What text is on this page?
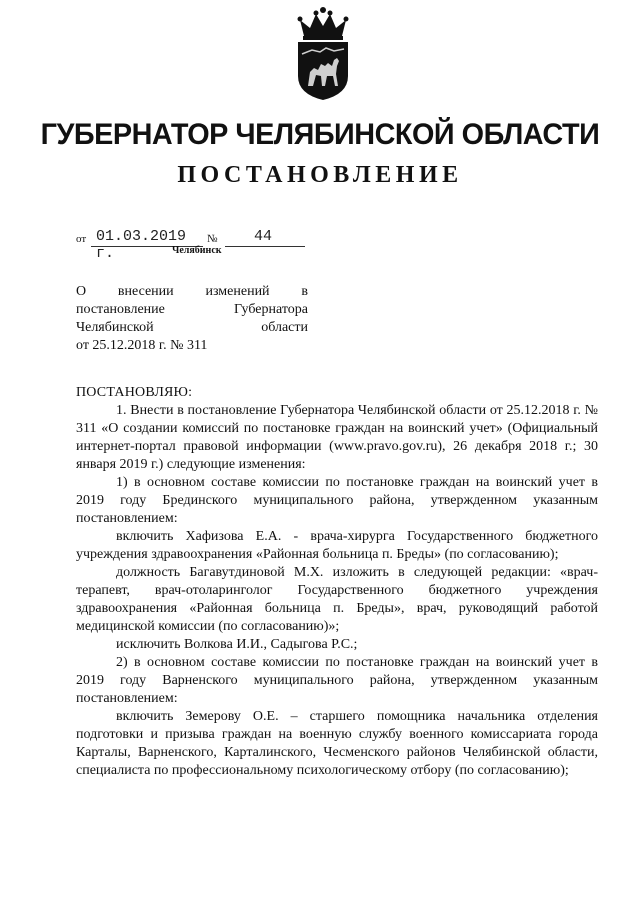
ГУБЕРНАТОР ЧЕЛЯБИНСКОЙ ОБЛАСТИ
ПОСТАНОВЛЕНИЕ
от 01.03.2019 г.
№ 44
Челябинск
О внесении изменений в
постановление	Губернатора
Челябинской	области
от 25.12.2018 г. № 311
ПОСТАНОВЛЯЮ:
1. Внести в постановление Губернатора Челябинской области от 25.12.2018 г. № 311 «О создании комиссий по постановке граждан на воинский учет» (Официальный интернет-портал правовой информации (www.pravo.gov.ru), 26 декабря 2018 г.; 30 января 2019 г.) следующие изменения:
1) в основном составе комиссии по постановке граждан на воинский учет в 2019 году Брединского муниципального района, утвержденном указанным постановлением:
включить Хафизова Е.А. - врача-хирурга Государственного бюджетного учреждения здравоохранения «Районная больница п. Бреды» (по согласованию);
должность Багавутдиновой М.Х. изложить в следующей редакции: «врач-терапевт, врач-отоларинголог Государственного бюджетного учреждения здравоохранения «Районная больница п. Бреды», врач, руководящий работой медицинской комиссии (по согласованию)»;
исключить Волкова И.И., Садыгова Р.С.;
2) в основном составе комиссии по постановке граждан на воинский учет в 2019 году Варненского муниципального района, утвержденном указанным постановлением:
включить Земерову О.Е. – старшего помощника начальника отделения подготовки и призыва граждан на военную службу военного комиссариата города Карталы, Варненского, Карталинского, Чесменского районов Челябинской области, специалиста по профессиональному психологическому отбору (по согласованию);
